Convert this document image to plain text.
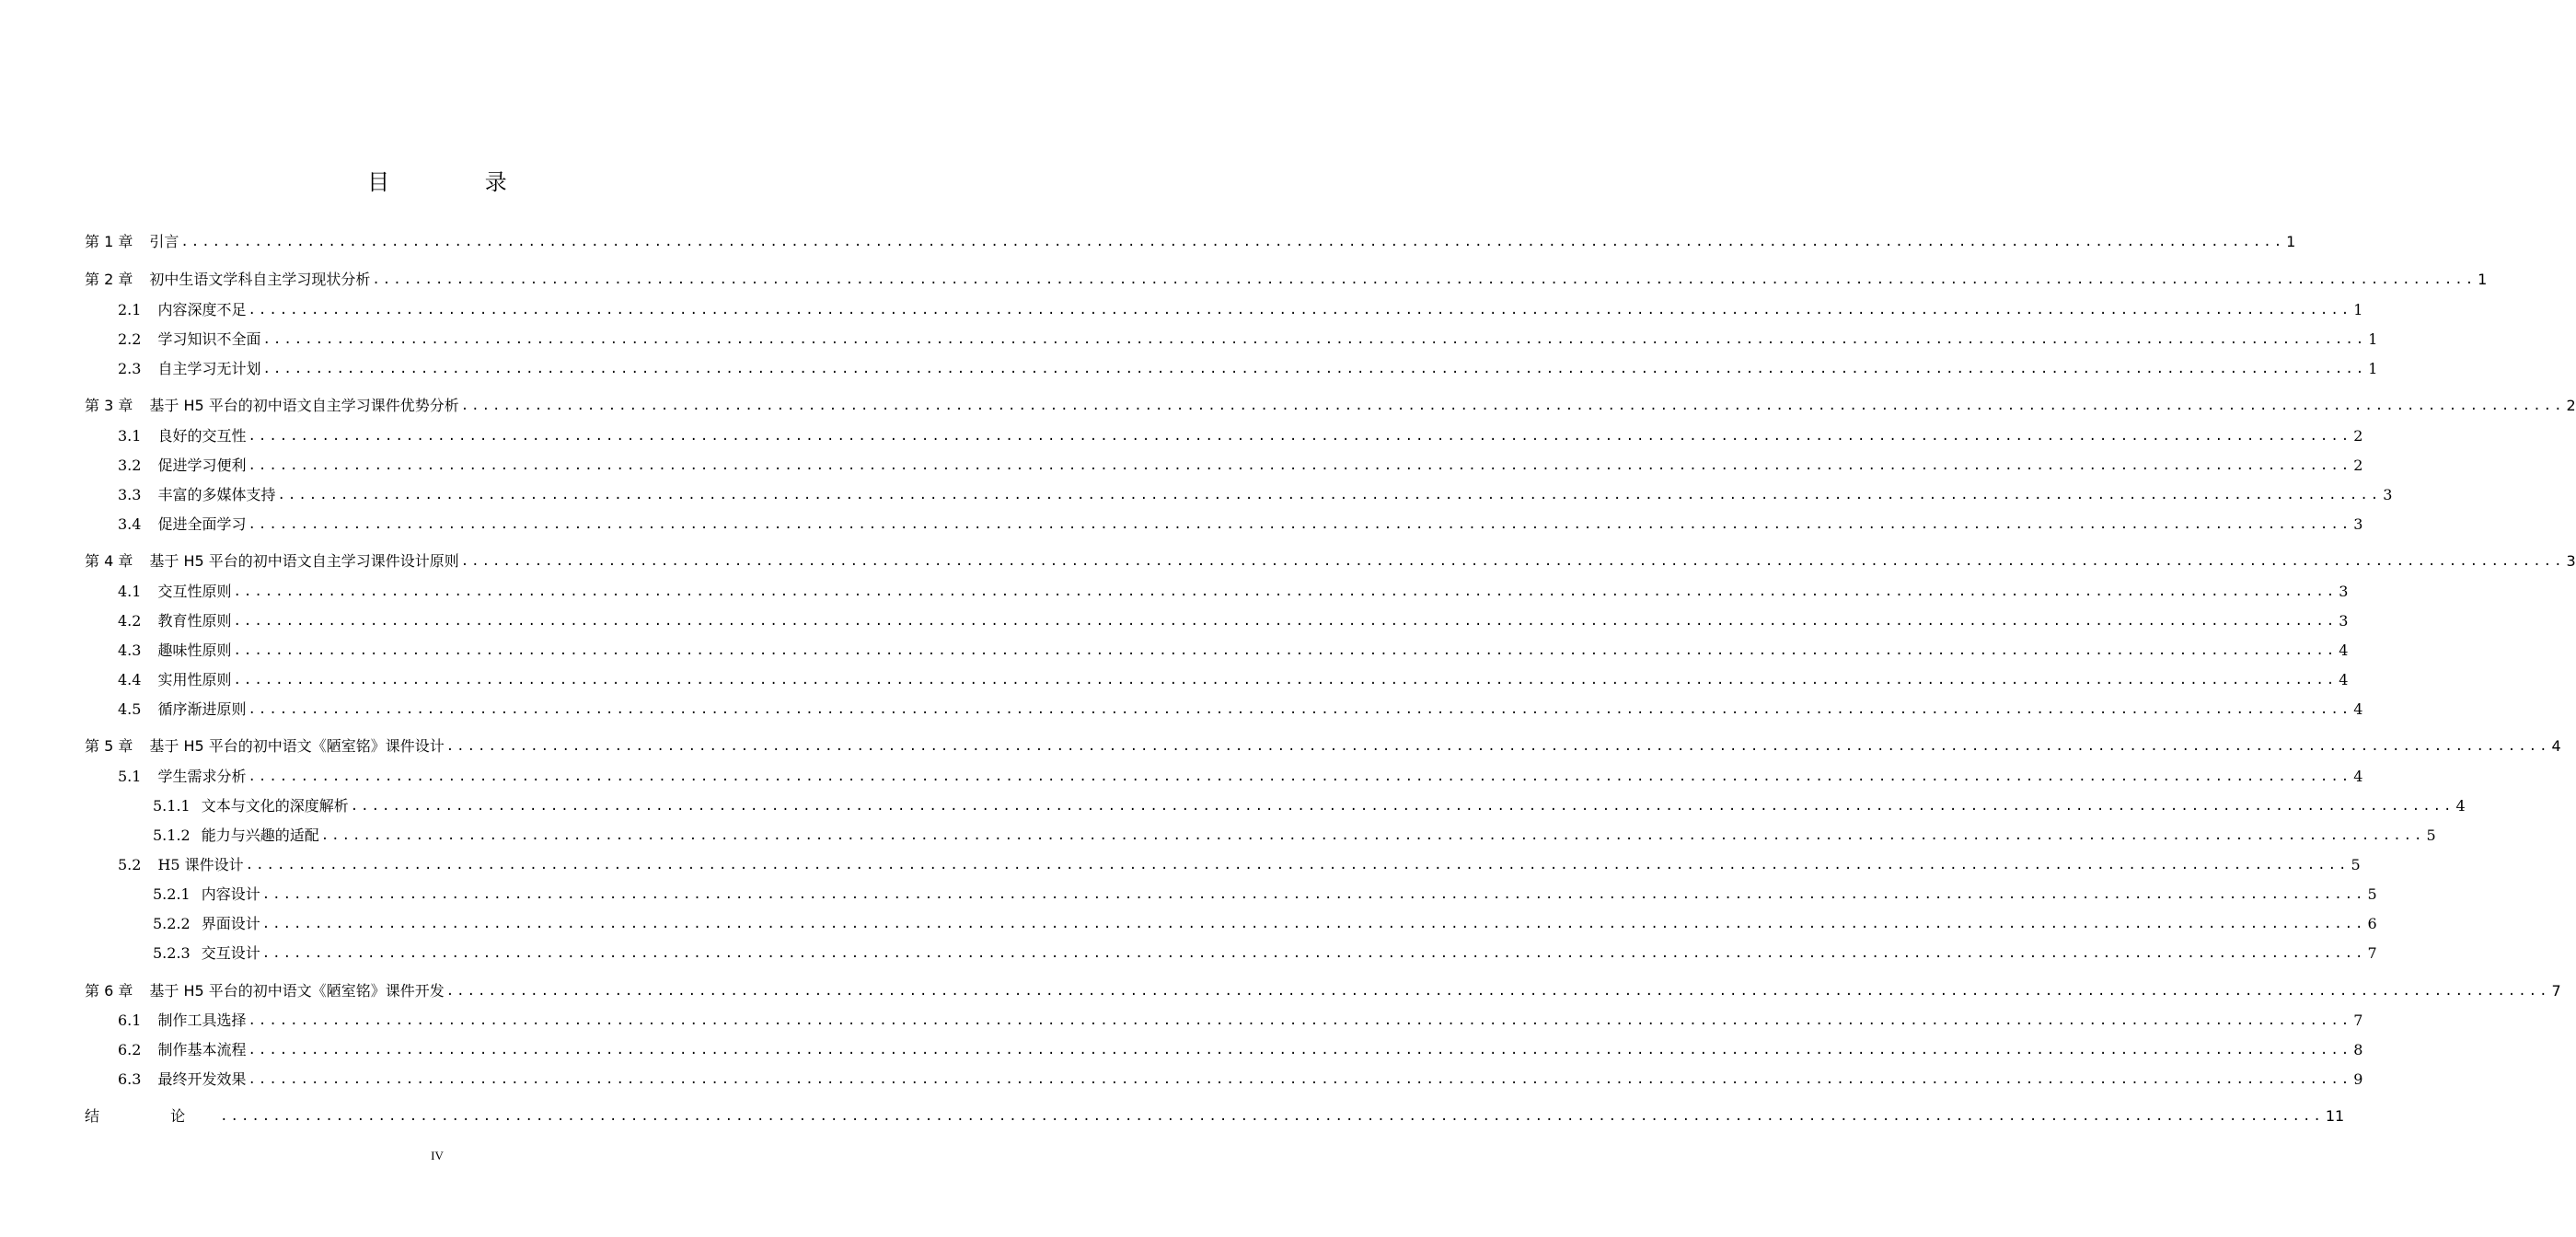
目 录
第 1 章 引言 ........................................................................................................................................................................................................ 1
第 2 章 初中生语文学科自主学习现状分析 ........................................................................................................................................................................................................ 1
2.1 内容深度不足 ........................................................................................................................................................................................................ 1
2.2 学习知识不全面 ........................................................................................................................................................................................................ 1
2.3 自主学习无计划 ........................................................................................................................................................................................................ 1
第 3 章 基于 H5 平台的初中语文自主学习课件优势分析 ........................................................................................................................................................................................................ 2
3.1 良好的交互性 ........................................................................................................................................................................................................ 2
3.2 促进学习便利 ........................................................................................................................................................................................................ 2
3.3 丰富的多媒体支持 ........................................................................................................................................................................................................ 3
3.4 促进全面学习 ........................................................................................................................................................................................................ 3
第 4 章 基于 H5 平台的初中语文自主学习课件设计原则 ........................................................................................................................................................................................................ 3
4.1 交互性原则 ........................................................................................................................................................................................................ 3
4.2 教育性原则 ........................................................................................................................................................................................................ 3
4.3 趣味性原则 ........................................................................................................................................................................................................ 4
4.4 实用性原则 ........................................................................................................................................................................................................ 4
4.5 循序渐进原则 ........................................................................................................................................................................................................ 4
第 5 章 基于 H5 平台的初中语文《陋室铭》课件设计 ........................................................................................................................................................................................................ 4
5.1 学生需求分析 ........................................................................................................................................................................................................ 4
5.1.1 文本与文化的深度解析 ........................................................................................................................................................................................................ 4
5.1.2 能力与兴趣的适配 ........................................................................................................................................................................................................ 5
5.2 H5 课件设计 ........................................................................................................................................................................................................ 5
5.2.1 内容设计 ........................................................................................................................................................................................................ 5
5.2.2 界面设计 ........................................................................................................................................................................................................ 6
5.2.3 交互设计 ........................................................................................................................................................................................................ 7
第 6 章 基于 H5 平台的初中语文《陋室铭》课件开发 ........................................................................................................................................................................................................ 7
6.1 制作工具选择 ........................................................................................................................................................................................................ 7
6.2 制作基本流程 ........................................................................................................................................................................................................ 8
6.3 最终开发效果 ........................................................................................................................................................................................................ 9
结 论 ........................................................................................................................................................................................................ 11
IV
